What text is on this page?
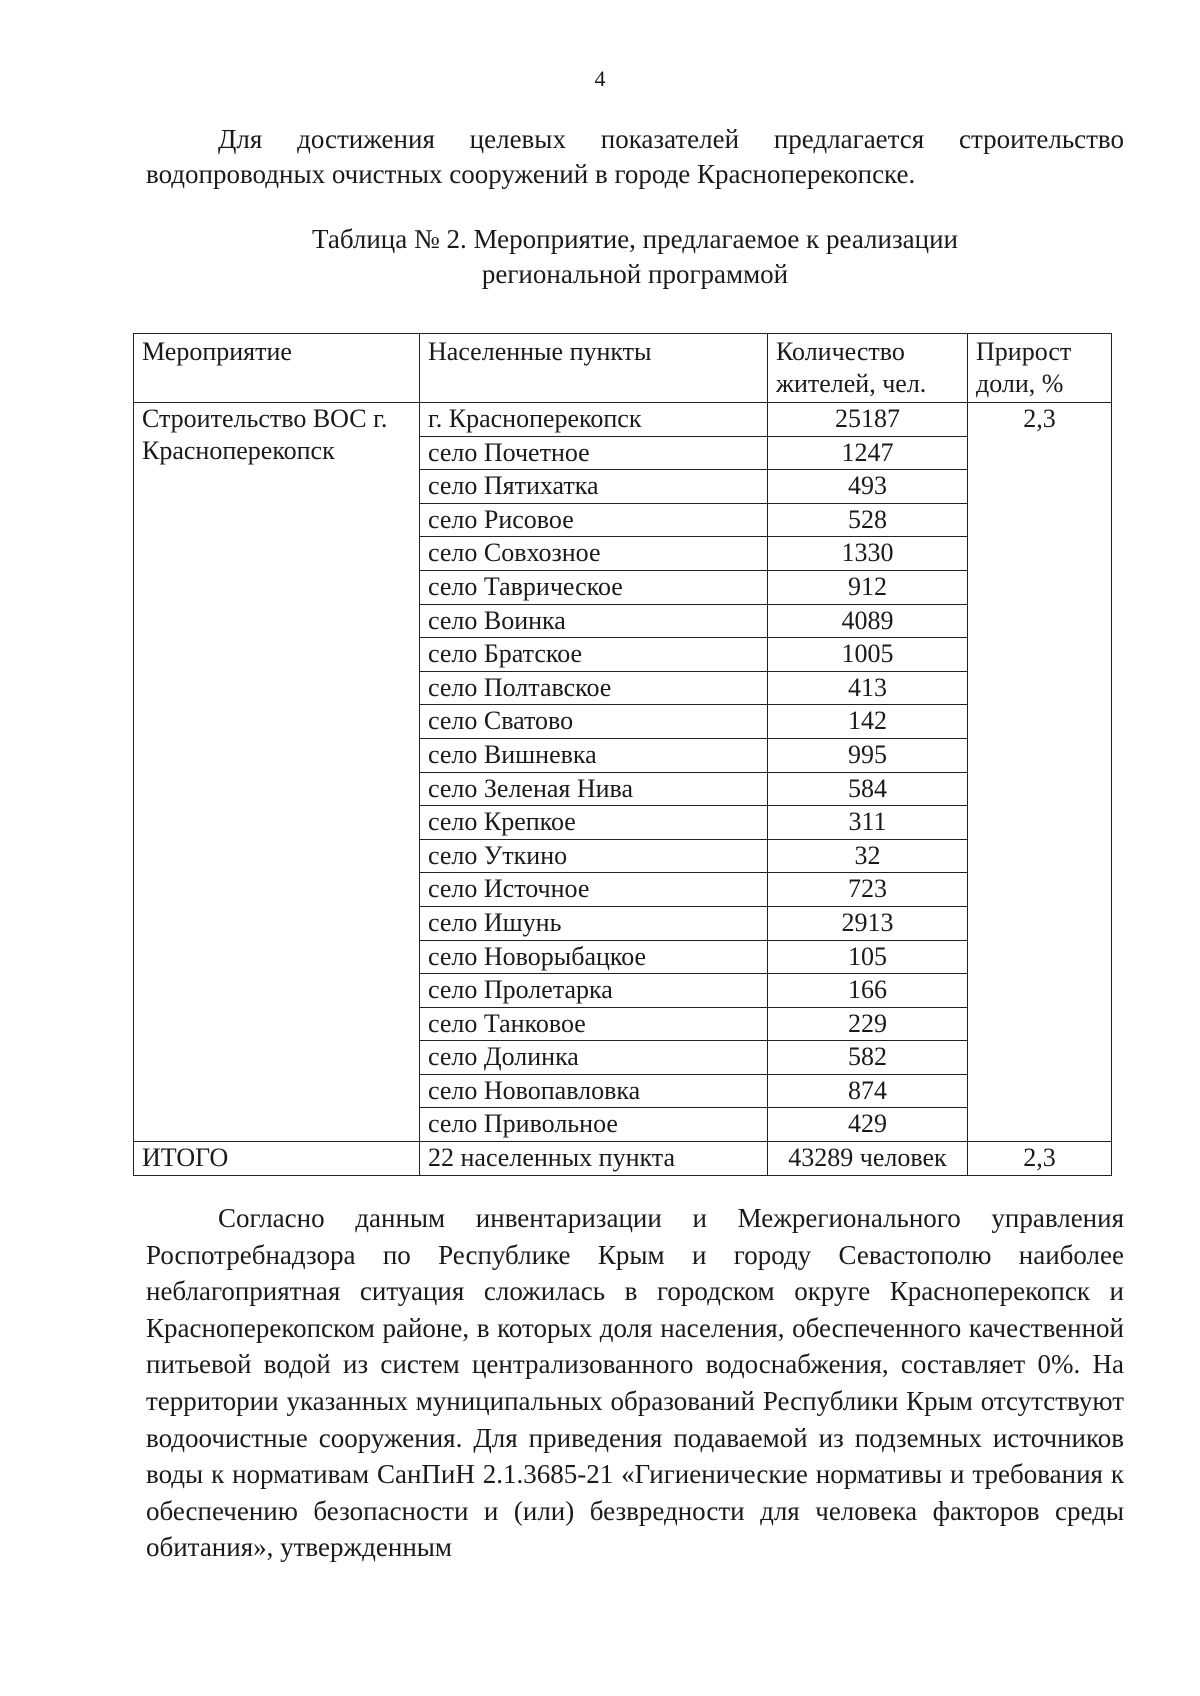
4

Для достижения целевых показателей предлагается строительство водопроводных очистных сооружений в городе Красноперекопске.

Таблица № 2. Мероприятие, предлагаемое к реализации
региональной программой
Мероприятие	Населенные пункты	Количество жителей, чел.	Прирост доли, %
Строительство ВОС г. Красноперекопск	г. Красноперекопск	25187	2,3
	село Почетное	1247	
	село Пятихатка	493	
	село Рисовое	528	
	село Совхозное	1330	
	село Таврическое	912	
	село Воинка	4089	
	село Братское	1005	
	село Полтавское	413	
	село Сватово	142	
	село Вишневка	995	
	село Зеленая Нива	584	
	село Крепкое	311	
	село Уткино	32	
	село Источное	723	
	село Ишунь	2913	
	село Новорыбацкое	105	
	село Пролетарка	166	
	село Танковое	229	
	село Долинка	582	
	село Новопавловка	874	
	село Привольное	429	
ИТОГО	22 населенных пункта	43289 человек	2,3

Согласно данным инвентаризации и Межрегионального управления Роспотребнадзора по Республике Крым и городу Севастополю наиболее неблагоприятная ситуация сложилась в городском округе Красноперекопск и Красноперекопском районе, в которых доля населения, обеспеченного качественной питьевой водой из систем централизованного водоснабжения, составляет 0%. На территории указанных муниципальных образований Республики Крым отсутствуют водоочистные сооружения. Для приведения подаваемой из подземных источников воды к нормативам СанПиН 2.1.3685-21 «Гигиенические нормативы и требования к обеспечению безопасности и (или) безвредности для человека факторов среды обитания», утвержденным
